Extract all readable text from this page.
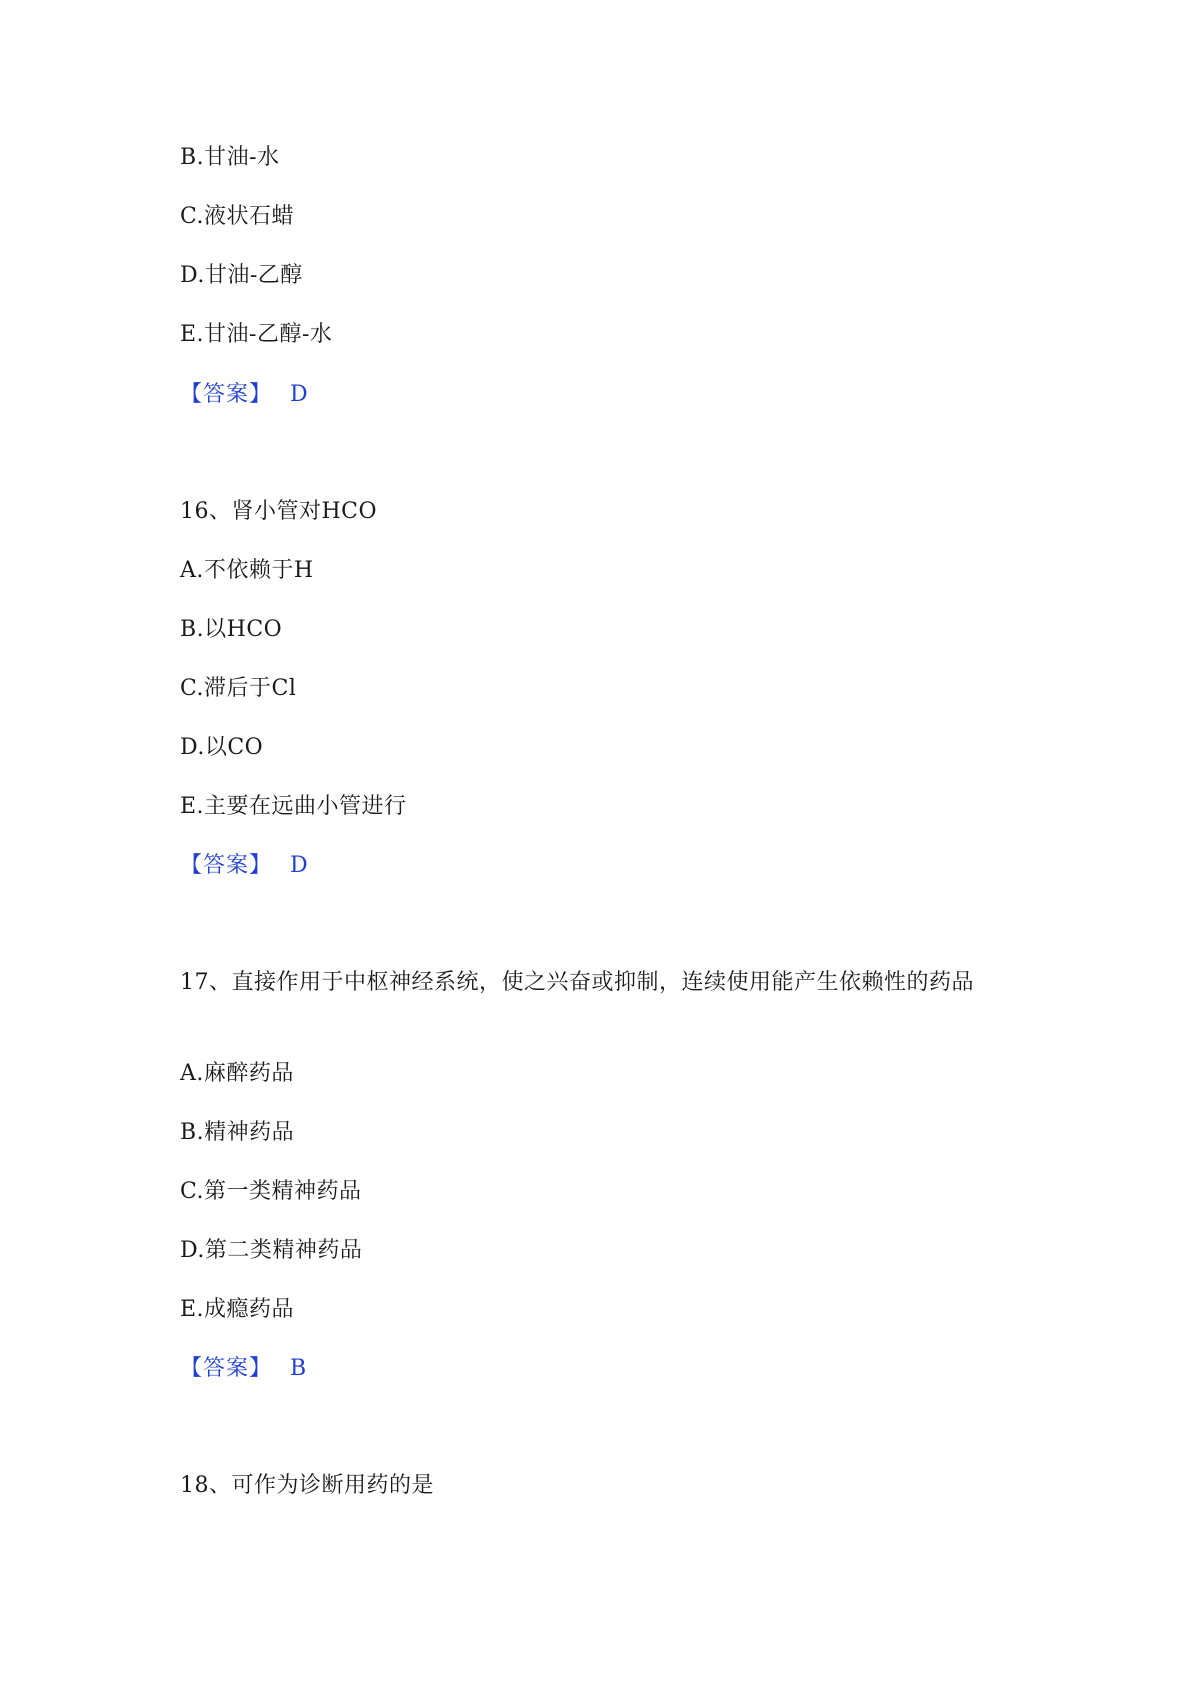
B.甘油-水
C.液状石蜡
D.甘油-乙醇
E.甘油-乙醇-水
【答案】 D
16、肾小管对HCO
A.不依赖于H
B.以HCO
C.滞后于Cl
D.以CO
E.主要在远曲小管进行
【答案】 D
17、直接作用于中枢神经系统，使之兴奋或抑制，连续使用能产生依赖性的药品
A.麻醉药品
B.精神药品
C.第一类精神药品
D.第二类精神药品
E.成瘾药品
【答案】 B
18、可作为诊断用药的是
